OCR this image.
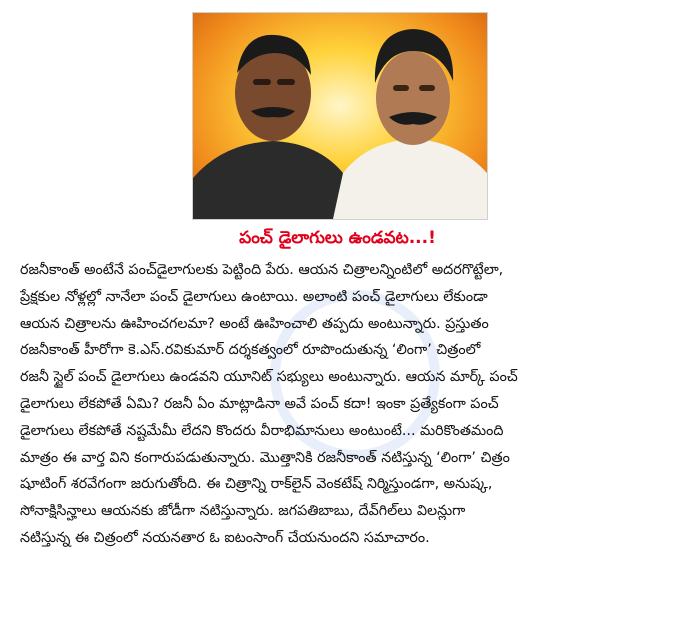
పంచ్ డైలాగులు ఉండవట...!
రజనీకాంత్ అంటేనే పంచ్‌డైలాగులకు పెట్టింది పేరు. ఆయన చిత్రాలన్నింటిలో అదరగొట్టేలా,
ప్రేక్షకుల నోళ్లల్లో నానేలా పంచ్ డైలాగులు ఉంటాయి. అలాంటి పంచ్ డైలాగులు లేకుండా
ఆయన చిత్రాలను ఊహించగలమా? అంటే ఊహించాలి తప్పదు అంటున్నారు. ప్రస్తుతం
రజనీకాంత్ హీరోగా కె.ఎస్.రవికుమార్ దర్శకత్వంలో రూపొందుతున్న ‘లింగా’ చిత్రంలో
రజనీ స్టైల్ పంచ్ డైలాగులు ఉండవని యూనిట్ సభ్యులు అంటున్నారు. ఆయన మార్క్ పంచ్
డైలాగులు లేకపోతే ఏమి? రజనీ ఏం మాట్లాడినా అవే పంచ్ కదా! ఇంకా ప్రత్యేకంగా పంచ్
డైలాగులు లేకపోతే నష్టమేమీ లేదని కొందరు వీరాభిమానులు అంటుంటే... మరికొంతమంది
మాత్రం ఈ వార్త విని కంగారుపడుతున్నారు. మొత్తానికి రజనీకాంత్ నటిస్తున్న ‘లింగా’ చిత్రం
షూటింగ్ శరవేగంగా జరుగుతోంది. ఈ చిత్రాన్ని రాక్‌లైన్ వెంకటేష్ నిర్మిస్తుండగా, అనుష్క,
సోనాక్షిసిన్హాలు ఆయనకు జోడీగా నటిస్తున్నారు. జగపతిబాబు, దేవ్‌గిల్‌లు విలన్లుగా
నటిస్తున్న ఈ చిత్రంలో నయనతార ఓ ఐటంసాంగ్ చేయనుందని సమాచారం.
